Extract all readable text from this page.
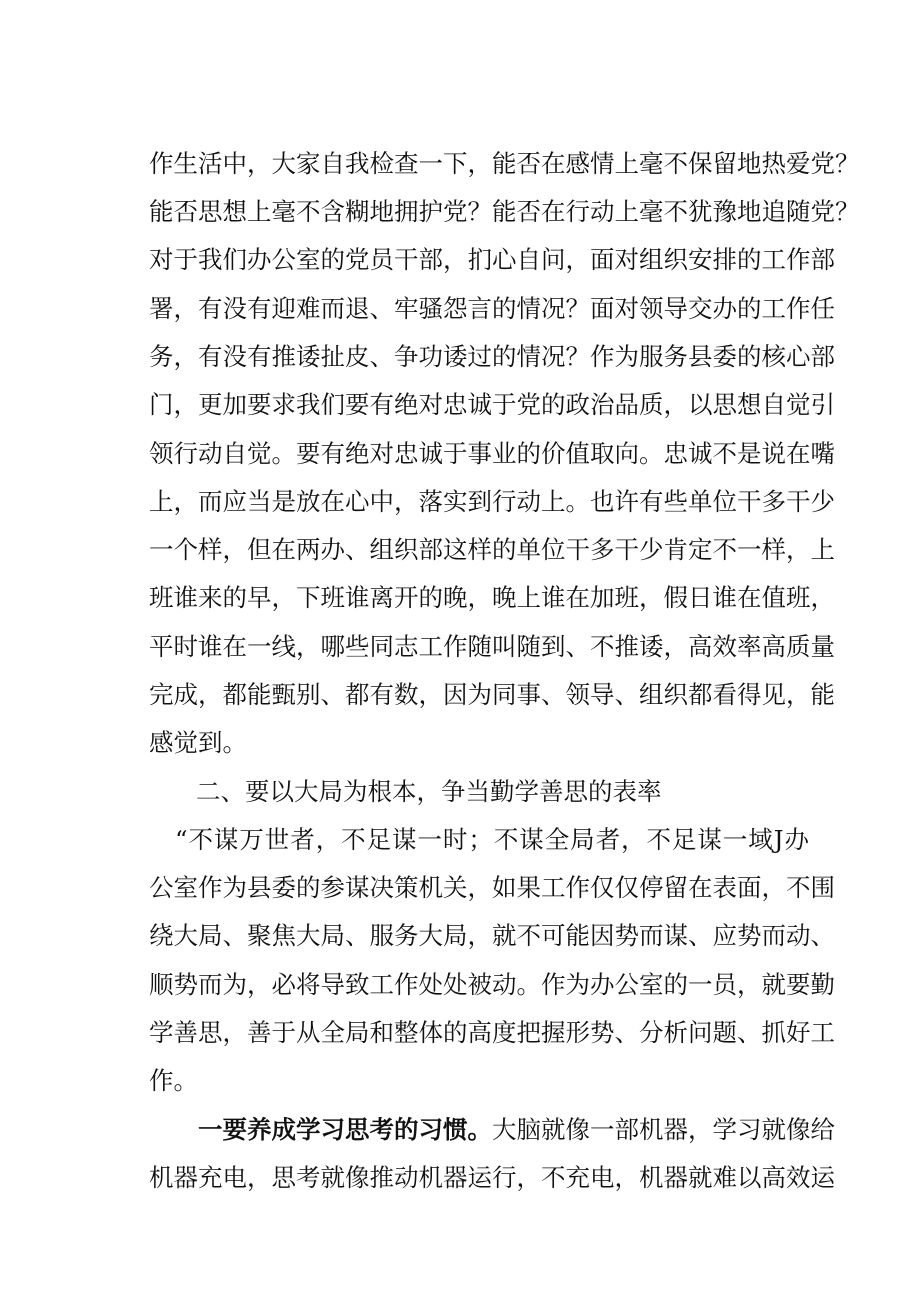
作生活中，大家自我检查一下，能否在感情上毫不保留地热爱党？
能否思想上毫不含糊地拥护党？能否在行动上毫不犹豫地追随党？
对于我们办公室的党员干部，扪心自问，面对组织安排的工作部
署，有没有迎难而退、牢骚怨言的情况？面对领导交办的工作任
务，有没有推诿扯皮、争功诿过的情况？作为服务县委的核心部
门，更加要求我们要有绝对忠诚于党的政治品质，以思想自觉引
领行动自觉。要有绝对忠诚于事业的价值取向。忠诚不是说在嘴
上，而应当是放在心中，落实到行动上。也许有些单位干多干少
一个样，但在两办、组织部这样的单位干多干少肯定不一样，上
班谁来的早，下班谁离开的晚，晚上谁在加班，假日谁在值班，
平时谁在一线，哪些同志工作随叫随到、不推诿，高效率高质量
完成，都能甄别、都有数，因为同事、领导、组织都看得见，能
感觉到。
二、要以大局为根本，争当勤学善思的表率
“不谋万世者，不足谋一时；不谋全局者，不足谋一域J办
公室作为县委的参谋决策机关，如果工作仅仅停留在表面，不围
绕大局、聚焦大局、服务大局，就不可能因势而谋、应势而动、
顺势而为，必将导致工作处处被动。作为办公室的一员，就要勤
学善思，善于从全局和整体的高度把握形势、分析问题、抓好工
作。
一要养成学习思考的习惯。大脑就像一部机器，学习就像给
机器充电，思考就像推动机器运行，不充电，机器就难以高效运
